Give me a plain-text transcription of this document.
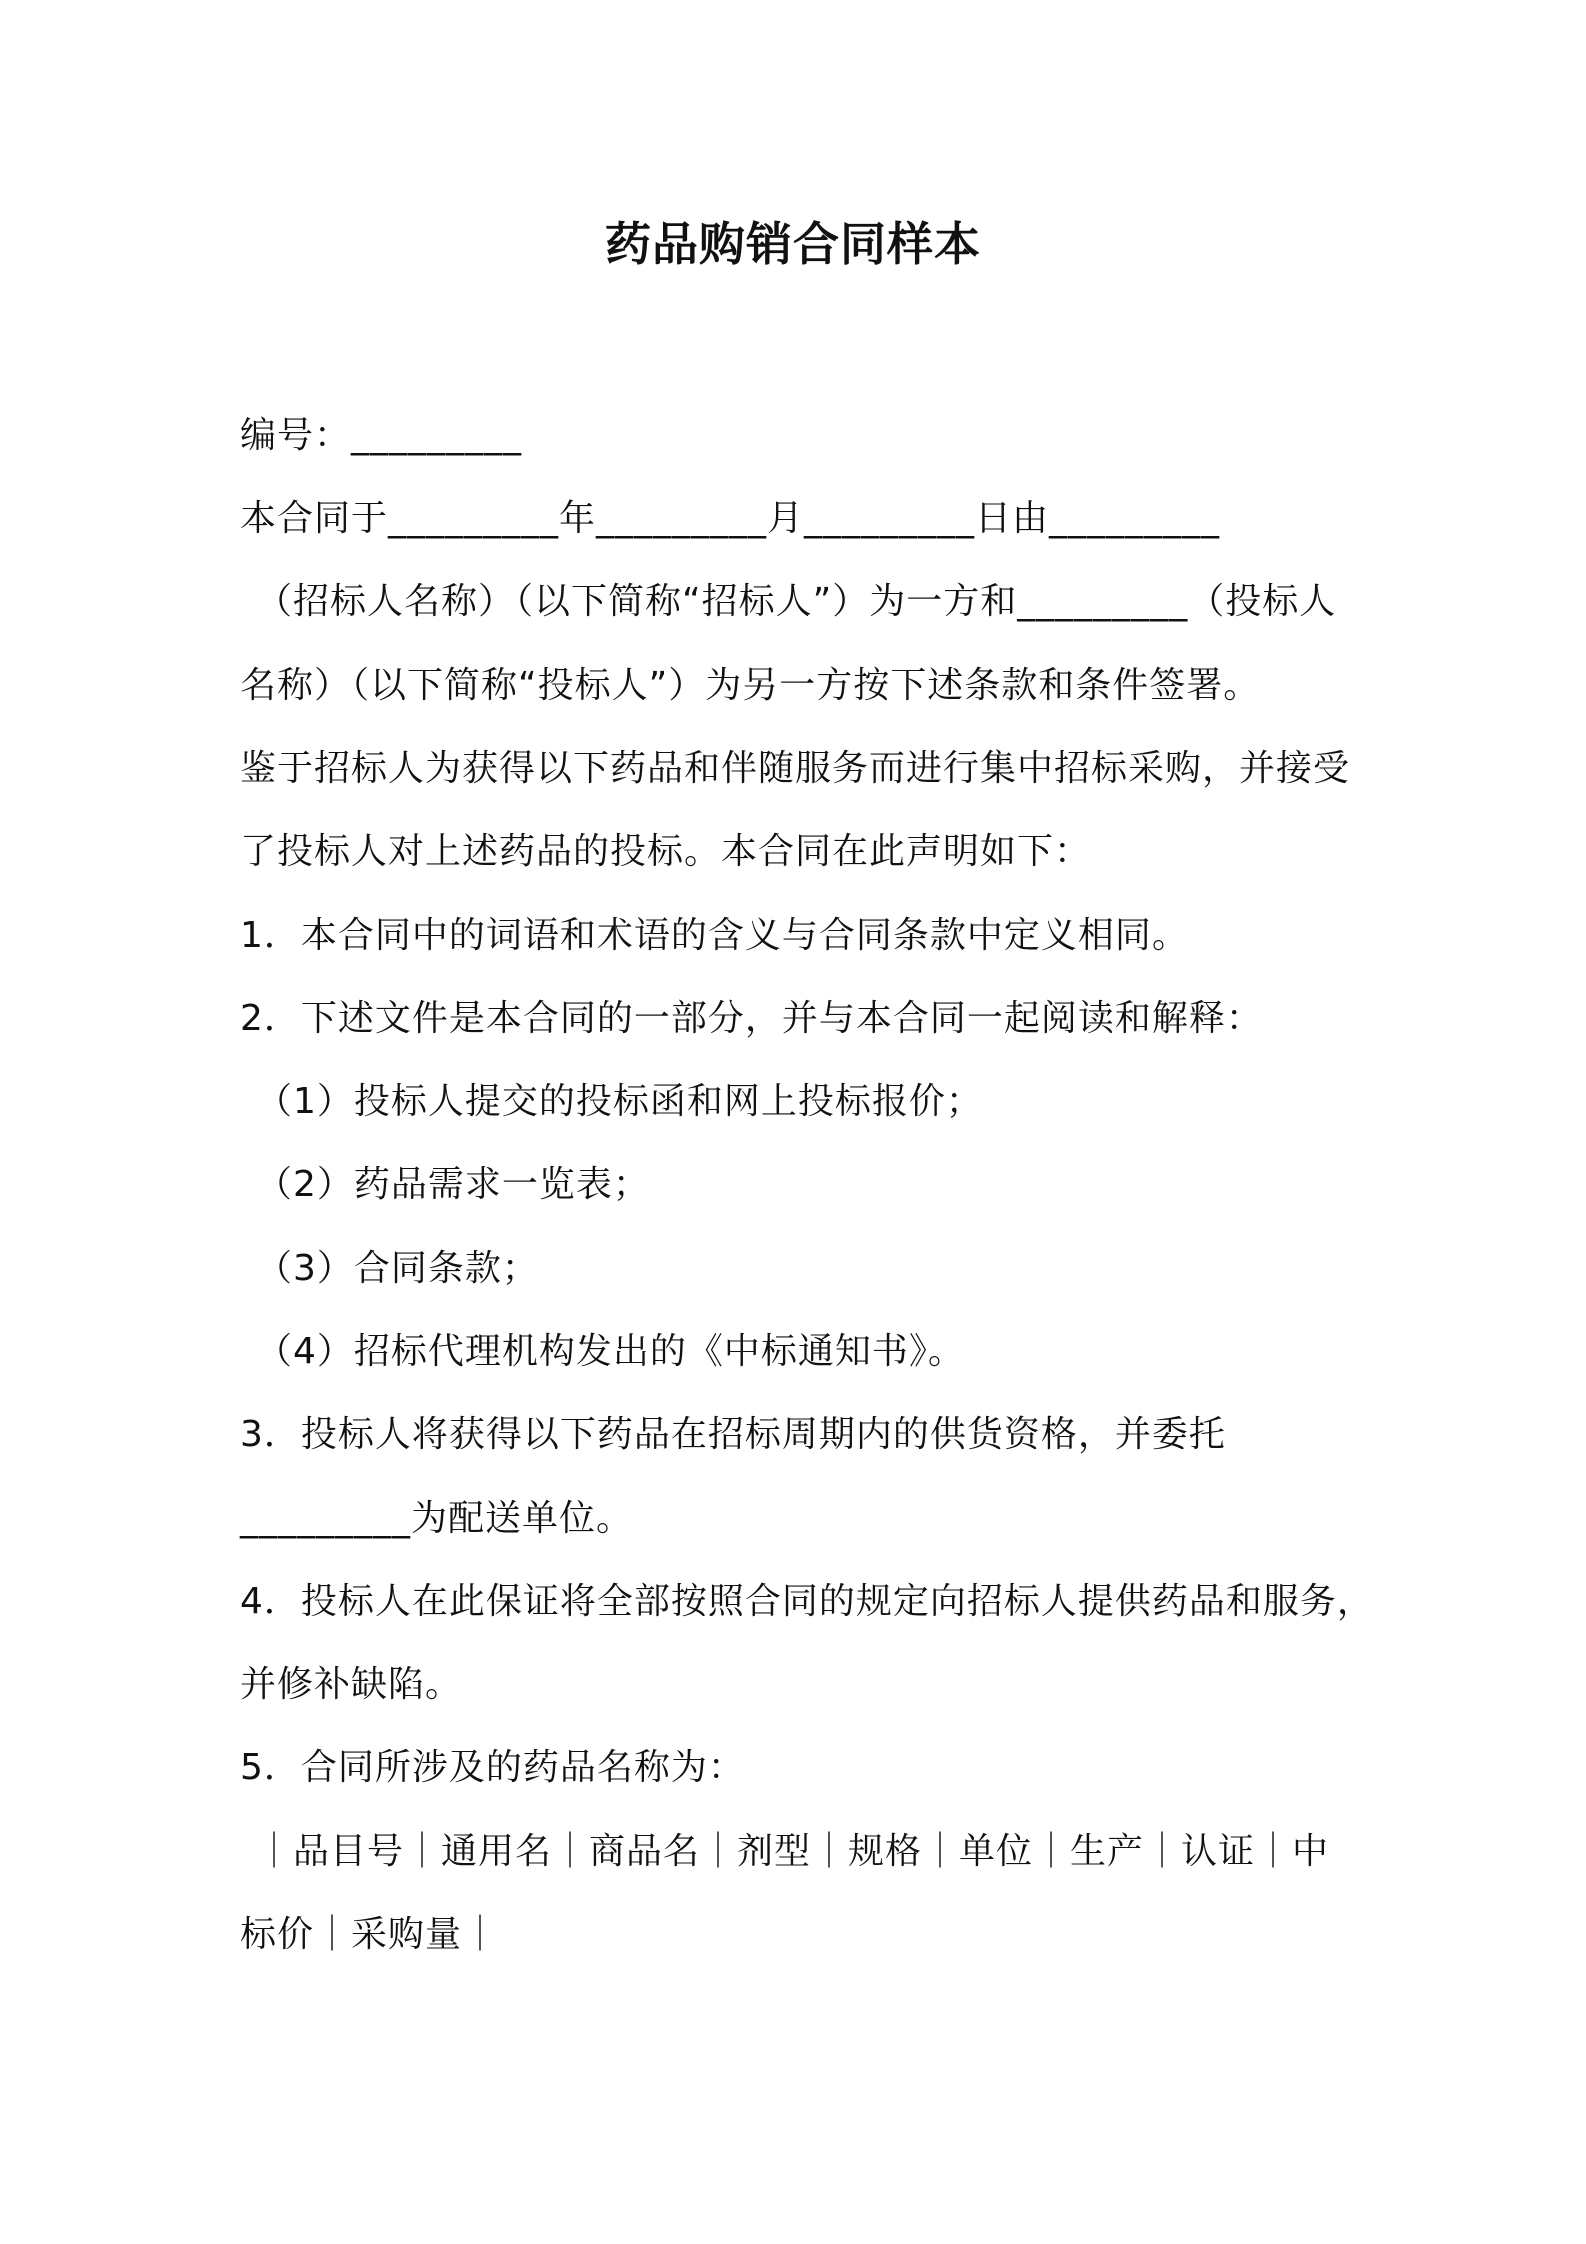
药品购销合同样本
编号：_________
本合同于_________年_________月_________日由_________
（招标人名称）（以下简称“招标人”）为一方和_________（投标人
名称）（以下简称“投标人”）为另一方按下述条款和条件签署。
鉴于招标人为获得以下药品和伴随服务而进行集中招标采购，并接受
了投标人对上述药品的投标。本合同在此声明如下：
1．本合同中的词语和术语的含义与合同条款中定义相同。
2．下述文件是本合同的一部分，并与本合同一起阅读和解释：
（1）投标人提交的投标函和网上投标报价；
（2）药品需求一览表；
（3）合同条款；
（4）招标代理机构发出的《中标通知书》。
3．投标人将获得以下药品在招标周期内的供货资格，并委托
_________为配送单位。
4．投标人在此保证将全部按照合同的规定向招标人提供药品和服务，
并修补缺陷。
5．合同所涉及的药品名称为：
｜品目号｜通用名｜商品名｜剂型｜规格｜单位｜生产｜认证｜中
标价｜采购量｜
